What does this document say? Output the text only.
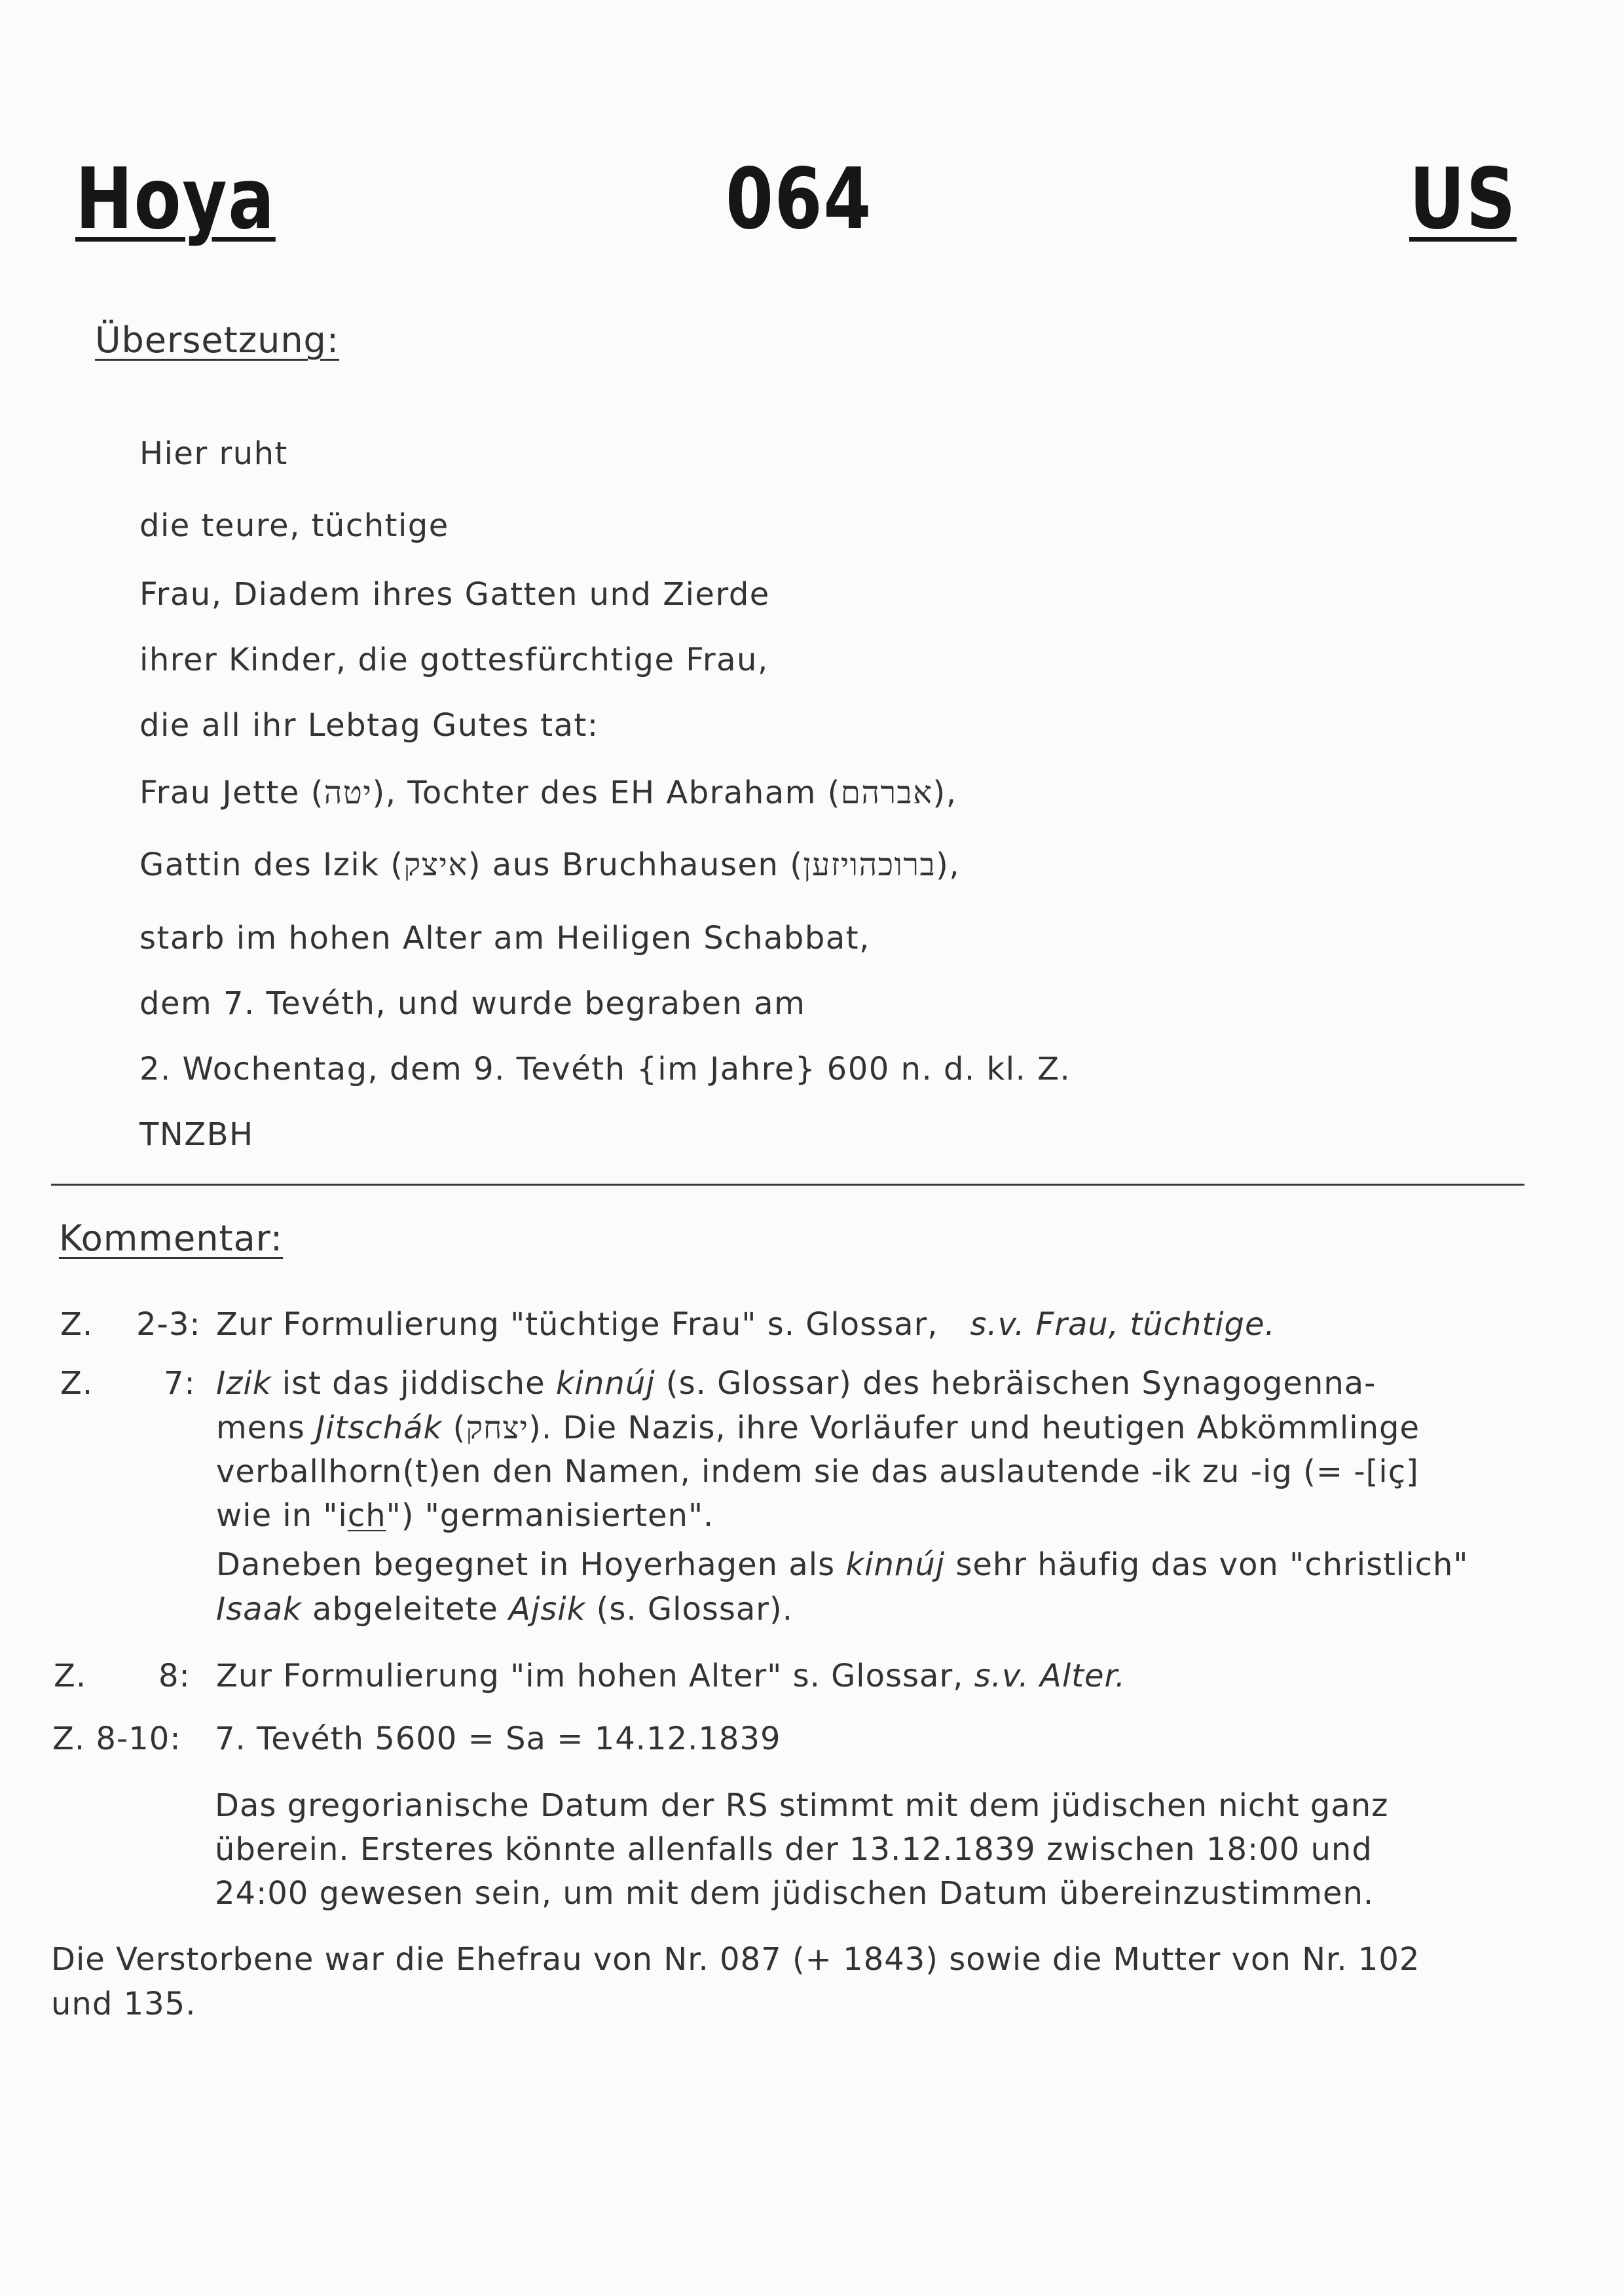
Hoya	064	US
Übersetzung:
Hier ruht
die teure, tüchtige
Frau, Diadem ihres Gatten und Zierde
ihrer Kinder, die gottesfürchtige Frau,
die all ihr Lebtag Gutes tat:
Frau Jette (יטה), Tochter des EH Abraham (אברהם),
Gattin des Izik (איצק) aus Bruchhausen (ברוכהויזען),
starb im hohen Alter am Heiligen Schabbat,
dem 7. Tevéth, und wurde begraben am
2. Wochentag, dem 9. Tevéth {im Jahre} 600 n. d. kl. Z.
TNZBH
Kommentar:
Z. 2-3: Zur Formulierung "tüchtige Frau" s. Glossar, s.v. Frau, tüchtige.
Z. 7: Izik ist das jiddische kinnúj (s. Glossar) des hebräischen Synagogenna-
mens Jitschák (יצחק). Die Nazis, ihre Vorläufer und heutigen Abkömmlinge
verballhorn(t)en den Namen, indem sie das auslautende -ik zu -ig (= -[iç]
wie in "ich") "germanisierten".
Daneben begegnet in Hoyerhagen als kinnúj sehr häufig das von "christlich"
Isaak abgeleitete Ajsik (s. Glossar).
Z. 8: Zur Formulierung "im hohen Alter" s. Glossar, s.v. Alter.
Z. 8-10: 7. Tevéth 5600 = Sa = 14.12.1839
Das gregorianische Datum der RS stimmt mit dem jüdischen nicht ganz
überein. Ersteres könnte allenfalls der 13.12.1839 zwischen 18:00 und
24:00 gewesen sein, um mit dem jüdischen Datum übereinzustimmen.
Die Verstorbene war die Ehefrau von Nr. 087 (+ 1843) sowie die Mutter von Nr. 102
und 135.
